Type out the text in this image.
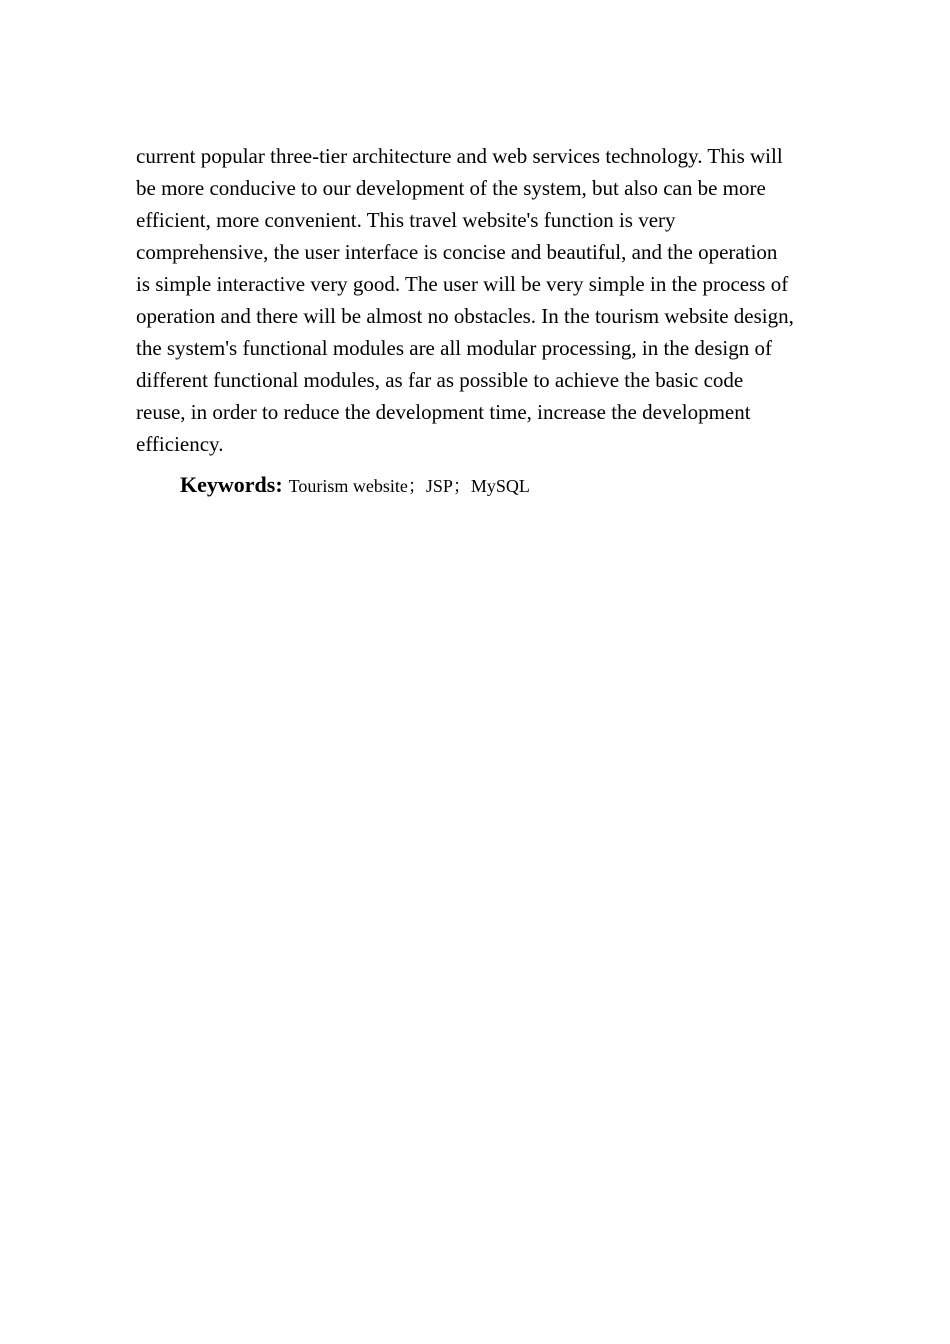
current popular three-tier architecture and web services technology. This will
be more conducive to our development of the system, but also can be more
efficient, more convenient. This travel website's function is very
comprehensive, the user interface is concise and beautiful, and the operation
is simple interactive very good. The user will be very simple in the process of
operation and there will be almost no obstacles. In the tourism website design,
the system's functional modules are all modular processing, in the design of
different functional modules, as far as possible to achieve the basic code
reuse, in order to reduce the development time, increase the development
efficiency.

Keywords: Tourism website；JSP；MySQL
